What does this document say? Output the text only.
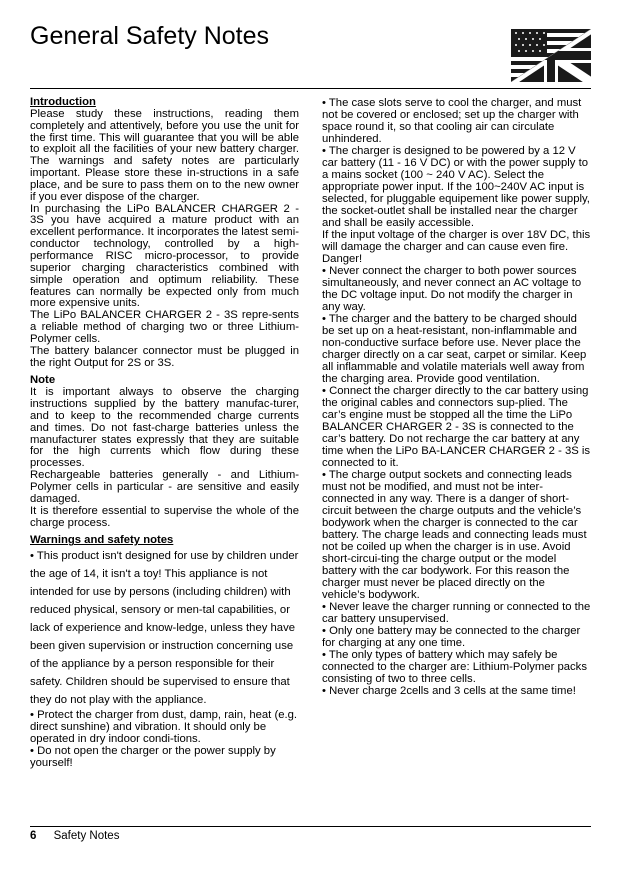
General Safety Notes

Introduction

Please study these instructions, reading them completely and attentively, before you use the unit for the first time. This will guarantee that you will be able to exploit all the facilities of your new battery charger. The warnings and safety notes are particularly important. Please store these in-structions in a safe place, and be sure to pass them on to the new owner if you ever dispose of the charger.

In purchasing the LiPo BALANCER CHARGER 2 - 3S you have acquired a mature product with an excellent performance. It incorporates the latest semi-conductor technology, controlled by a high-performance RISC micro-processor, to provide superior charging characteristics combined with simple operation and optimum reliability. These features can normally be expected only from much more expensive units.

The LiPo BALANCER CHARGER 2 - 3S repre-sents a reliable method of charging two or three Lithium-Polymer cells.

The battery balancer connector must be plugged in the right Output for 2S or 3S.

Note

It is important always to observe the charging instructions supplied by the battery manufac-turer, and to keep to the recommended charge currents and times. Do not fast-charge batteries unless the manufacturer states expressly that they are suitable for the high currents which flow during these processes.

Rechargeable batteries generally - and Lithium-Polymer cells in particular - are sensitive and easily damaged.

It is therefore essential to supervise the whole of the charge process.

Warnings and safety notes

• This product isn't designed for use by children under the age of 14, it isn't a toy! This appliance is not intended for use by persons (including children) with reduced physical, sensory or men-tal capabilities, or lack of experience and know-ledge, unless they have been given supervision or instruction concerning use of the appliance by a person responsible for their safety. Children should be supervised to ensure that they do not play with the appliance.

• Protect the charger from dust, damp, rain, heat (e.g. direct sunshine) and vibration. It should only be operated in dry indoor condi-tions.

• Do not open the charger or the power supply by yourself!

• The case slots serve to cool the charger, and must not be covered or enclosed; set up the charger with space round it, so that cooling air can circulate unhindered.

• The charger is designed to be powered by a 12 V car battery (11 - 16 V DC) or with the power supply to a mains socket (100 ~ 240 V AC). Select the appropriate power input. If the 100~240V AC input is selected, for pluggable equipement like power supply, the socket-outlet shall be installed near the charger and shall be easily accessible.

If the input voltage of the charger is over 18V DC, this will damage the charger and can cause even fire. Danger!

• Never connect the charger to both power sources simultaneously, and never connect an AC voltage to the DC voltage input. Do not modify the charger in any way.

• The charger and the battery to be charged should be set up on a heat-resistant, non-inflammable and non-conductive surface before use. Never place the charger directly on a car seat, carpet or similar. Keep all inflammable and volatile materials well away from the charging area. Provide good ventilation.

• Connect the charger directly to the car battery using the original cables and connectors sup-plied. The car’s engine must be stopped all the time the LiPo BALANCER CHARGER 2 - 3S is connected to the car’s battery. Do not recharge the car battery at any time when the LiPo BA-LANCER CHARGER 2 - 3S is connected to it.

• The charge output sockets and connecting leads must not be modified, and must not be inter-connected in any way. There is a danger of short-circuit between the charge outputs and the vehicle’s bodywork when the charger is connected to the car battery. The charge leads and connecting leads must not be coiled up when the charger is in use. Avoid short-circui-ting the charge output or the model battery with the car bodywork. For this reason the charger must never be placed directly on the vehicle’s bodywork.

• Never leave the charger running or connected to the car battery unsupervised.

• Only one battery may be connected to the charger for charging at any one time.

• The only types of battery which may safely be connected to the charger are: Lithium-Polymer packs consisting of two to three cells.

• Never charge 2cells and 3 cells at the same time!

6 Safety Notes
